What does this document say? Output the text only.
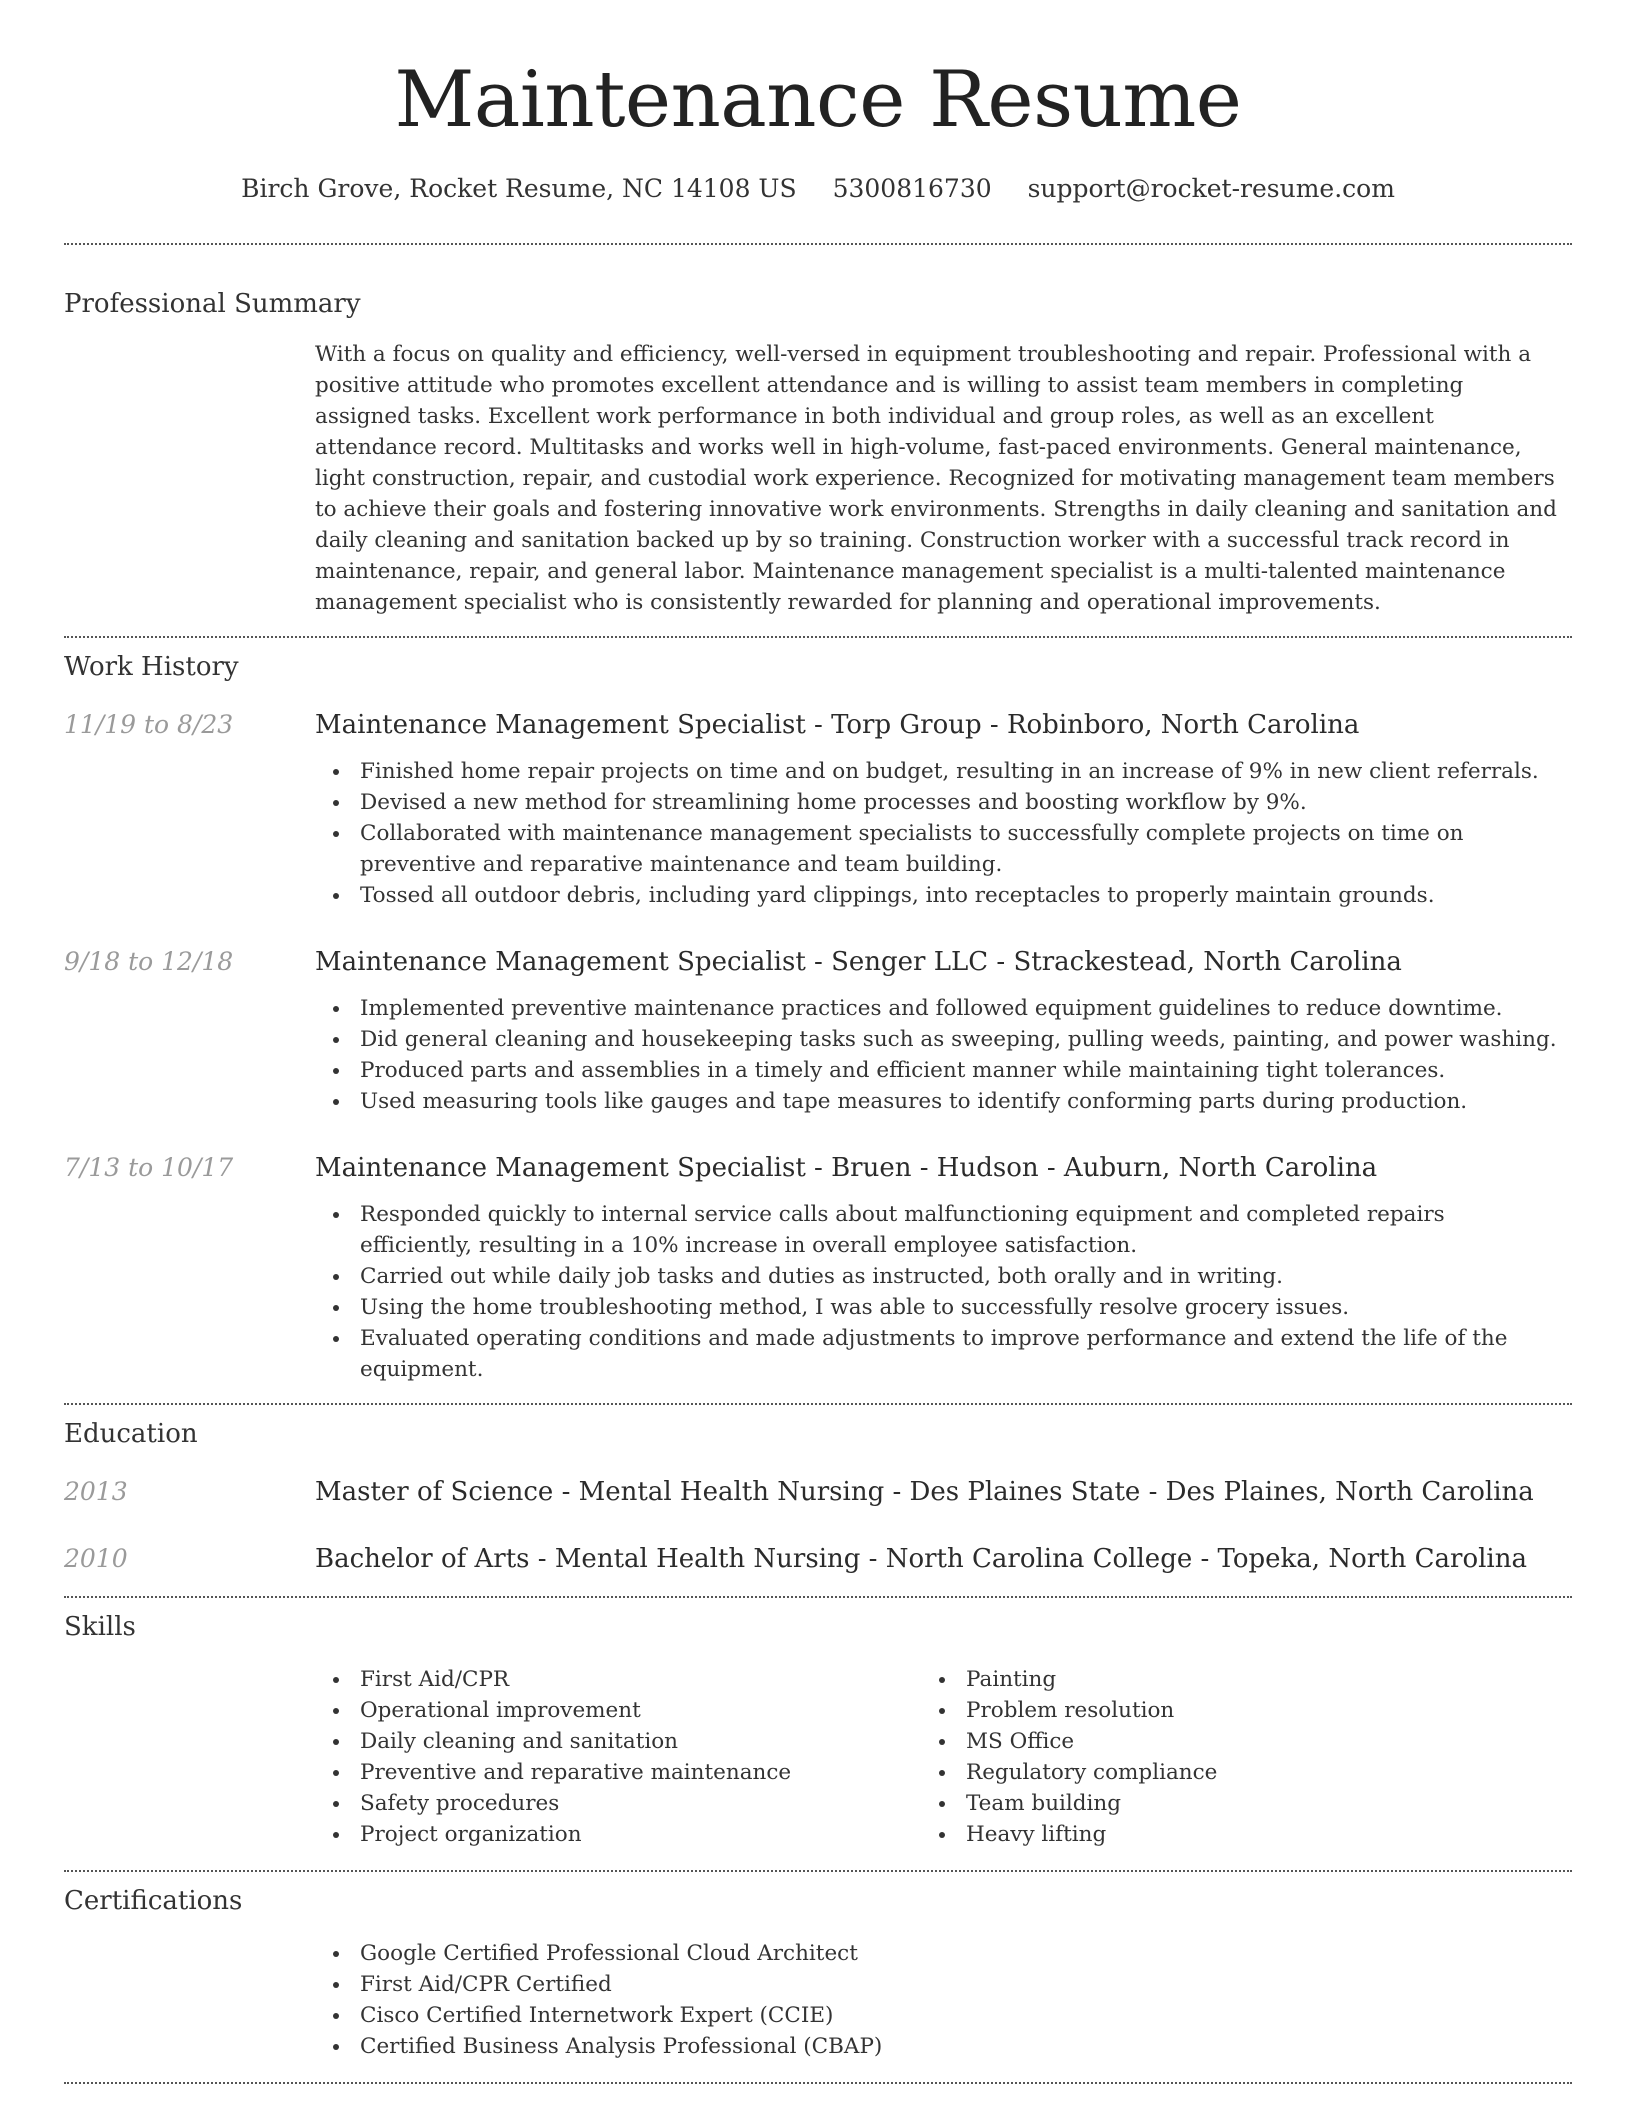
Maintenance Resume
Birch Grove, Rocket Resume, NC 14108 US 5300816730 support@rocket-resume.com
Professional Summary
With a focus on quality and efficiency, well-versed in equipment troubleshooting and repair. Professional with a positive attitude who promotes excellent attendance and is willing to assist team members in completing assigned tasks. Excellent work performance in both individual and group roles, as well as an excellent attendance record. Multitasks and works well in high-volume, fast-paced environments. General maintenance, light construction, repair, and custodial work experience. Recognized for motivating management team members to achieve their goals and fostering innovative work environments. Strengths in daily cleaning and sanitation and daily cleaning and sanitation backed up by so training. Construction worker with a successful track record in maintenance, repair, and general labor. Maintenance management specialist is a multi-talented maintenance management specialist who is consistently rewarded for planning and operational improvements.
Work History
11/19 to 8/23	Maintenance Management Specialist - Torp Group - Robinboro, North Carolina
Finished home repair projects on time and on budget, resulting in an increase of 9% in new client referrals.
Devised a new method for streamlining home processes and boosting workflow by 9%.
Collaborated with maintenance management specialists to successfully complete projects on time on preventive and reparative maintenance and team building.
Tossed all outdoor debris, including yard clippings, into receptacles to properly maintain grounds.
9/18 to 12/18	Maintenance Management Specialist - Senger LLC - Strackestead, North Carolina
Implemented preventive maintenance practices and followed equipment guidelines to reduce downtime.
Did general cleaning and housekeeping tasks such as sweeping, pulling weeds, painting, and power washing.
Produced parts and assemblies in a timely and efficient manner while maintaining tight tolerances.
Used measuring tools like gauges and tape measures to identify conforming parts during production.
7/13 to 10/17	Maintenance Management Specialist - Bruen - Hudson - Auburn, North Carolina
Responded quickly to internal service calls about malfunctioning equipment and completed repairs efficiently, resulting in a 10% increase in overall employee satisfaction.
Carried out while daily job tasks and duties as instructed, both orally and in writing.
Using the home troubleshooting method, I was able to successfully resolve grocery issues.
Evaluated operating conditions and made adjustments to improve performance and extend the life of the equipment.
Education
2013	Master of Science - Mental Health Nursing - Des Plaines State - Des Plaines, North Carolina
2010	Bachelor of Arts - Mental Health Nursing - North Carolina College - Topeka, North Carolina
Skills
First Aid/CPR
Operational improvement
Daily cleaning and sanitation
Preventive and reparative maintenance
Safety procedures
Project organization
Painting
Problem resolution
MS Office
Regulatory compliance
Team building
Heavy lifting
Certifications
Google Certified Professional Cloud Architect
First Aid/CPR Certified
Cisco Certified Internetwork Expert (CCIE)
Certified Business Analysis Professional (CBAP)
